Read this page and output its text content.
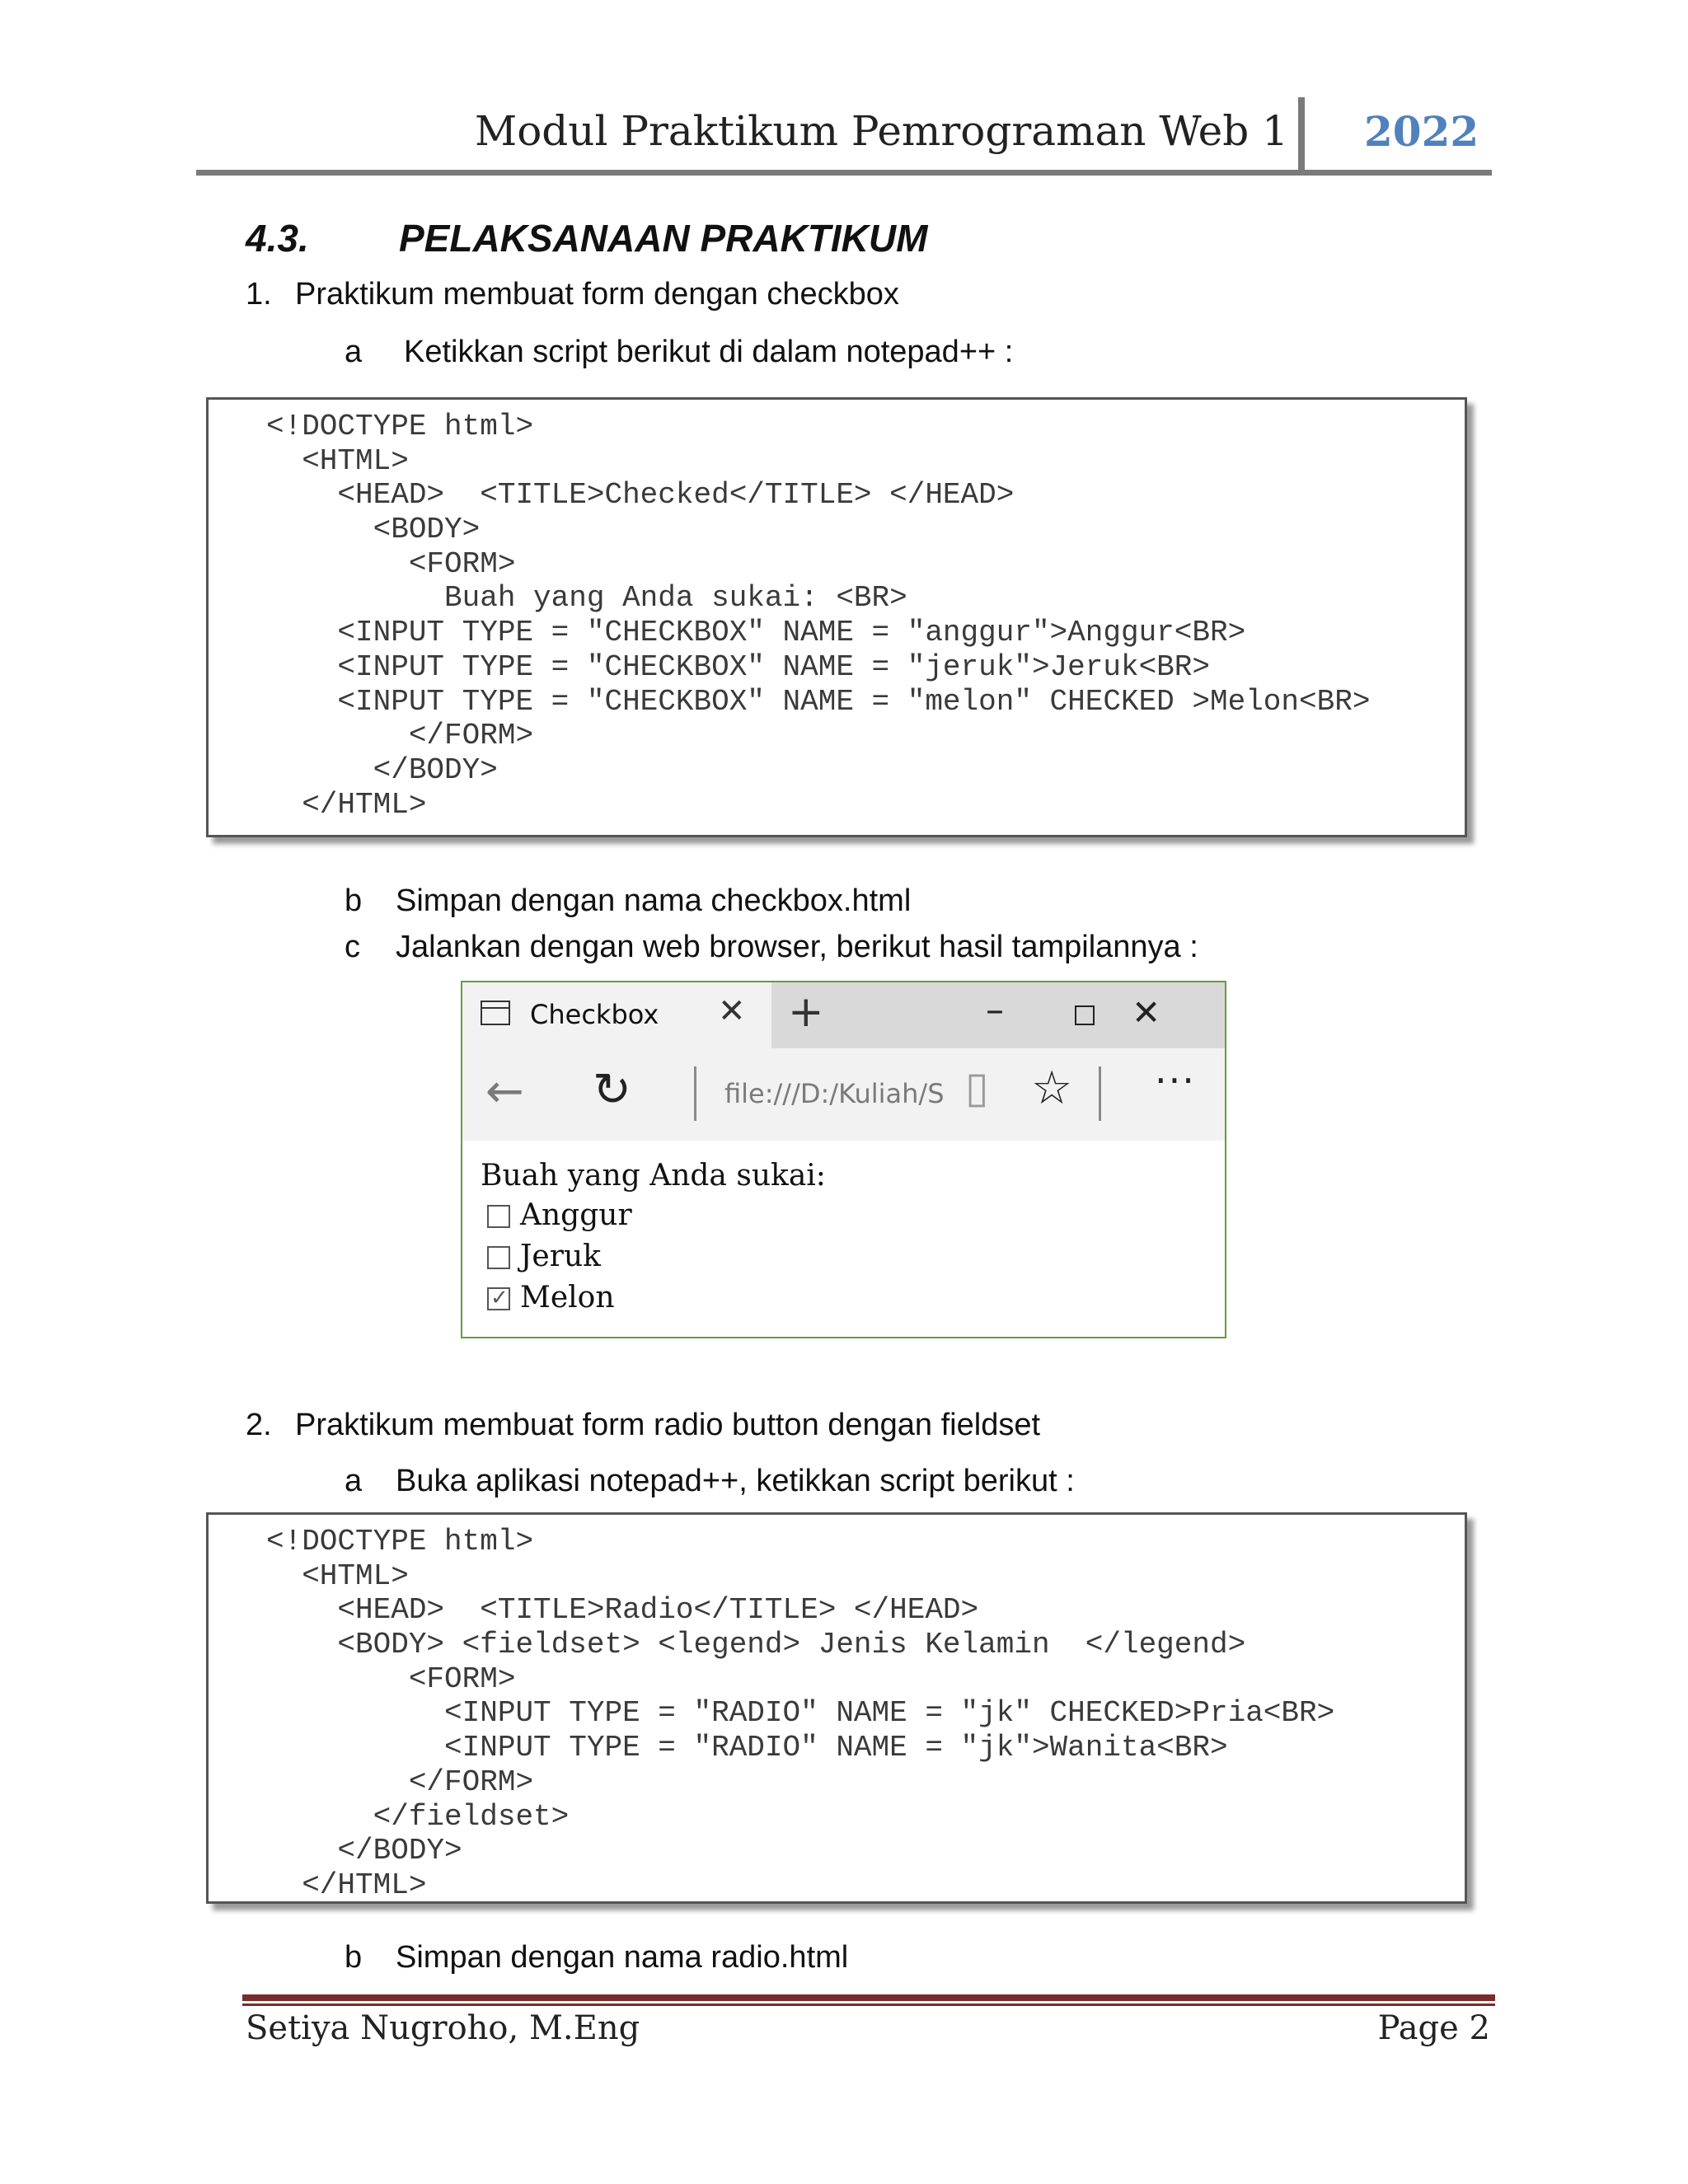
Modul Praktikum Pemrograman Web 1 2022
4.3. PELAKSANAAN PRAKTIKUM
1. Praktikum membuat form dengan checkbox
a Ketikkan script berikut di dalam notepad++ :
<!DOCTYPE html>
<HTML>
<HEAD>  <TITLE>Checked</TITLE> </HEAD>
<BODY>
<FORM>
Buah yang Anda sukai: <BR>
<INPUT TYPE = "CHECKBOX" NAME = "anggur">Anggur<BR>
<INPUT TYPE = "CHECKBOX" NAME = "jeruk">Jeruk<BR>
<INPUT TYPE = "CHECKBOX" NAME = "melon" CHECKED >Melon<BR>
</FORM>
</BODY>
</HTML>
b Simpan dengan nama checkbox.html
c Jalankan dengan web browser, berikut hasil tampilannya :
Checkbox ✕ +	–	✕
← ↻	file:///D:/Kuliah/S ▯ ☆ ···
Buah yang Anda sukai:
Anggur
Jeruk
✓ Melon
2. Praktikum membuat form radio button dengan fieldset
a Buka aplikasi notepad++, ketikkan script berikut :
<!DOCTYPE html>
<HTML>
<HEAD>  <TITLE>Radio</TITLE> </HEAD>
<BODY> <fieldset> <legend> Jenis Kelamin  </legend>
<FORM>
<INPUT TYPE = "RADIO" NAME = "jk" CHECKED>Pria<BR>
<INPUT TYPE = "RADIO" NAME = "jk">Wanita<BR>
</FORM>
</fieldset>
</BODY>
</HTML>
b Simpan dengan nama radio.html
Setiya Nugroho, M.Eng	Page 2
